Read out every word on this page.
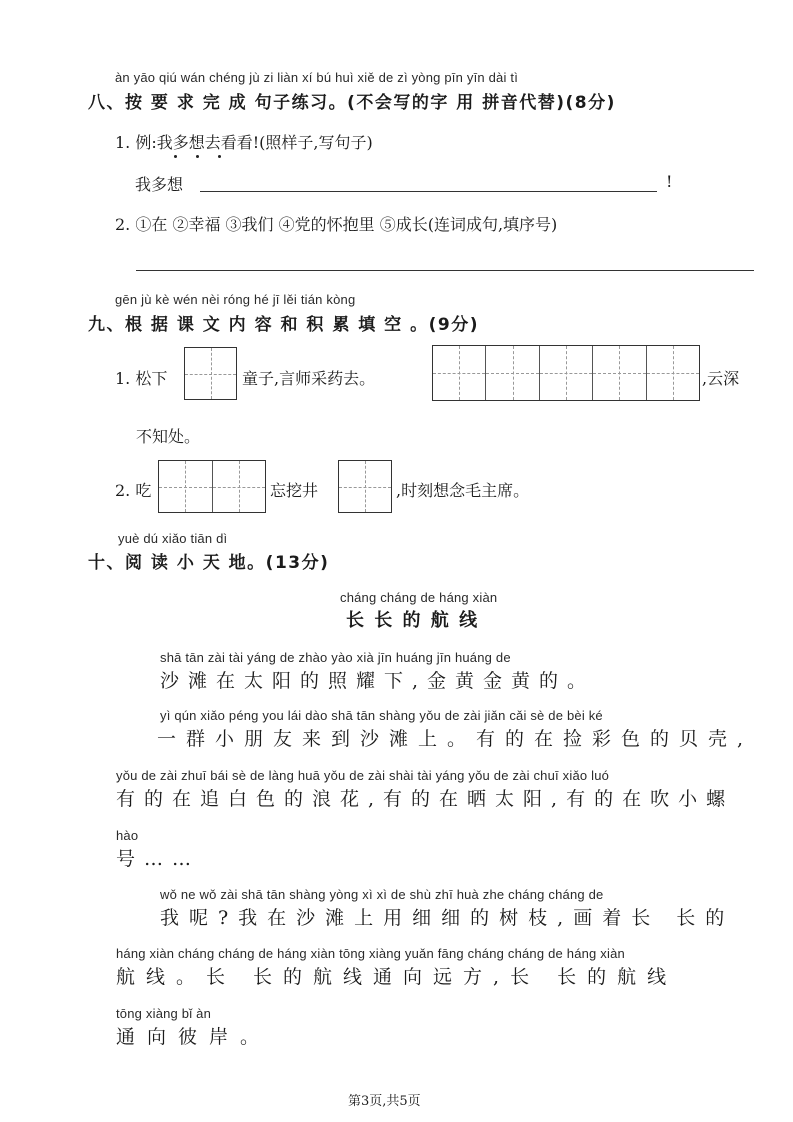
àn yāo qiú wán chéng jù zi liàn xí bú huì xiě de zì yòng pīn yīn dài tì
八、按 要 求 完 成 句子练习。(不会写的字 用 拼音代替)(8分)
1. 例:我多想去看看!(照样子,写句子)
我多想	!
2. ①在 ②幸福 ③我们 ④党的怀抱里 ⑤成长(连词成句,填序号)
gēn jù kè wén nèi róng hé jī lěi tián kòng
九、根 据 课 文 内 容 和 积 累 填 空 。(9分)
1. 松下	童子,言师采药去。	,云深
不知处。
2. 吃	忘挖井	,时刻想念毛主席。
yuè dú xiǎo tiān dì
十、阅 读 小 天 地。(13分)
cháng cháng de háng xiàn
长 长 的 航 线
shā tān zài tài yáng de zhào yào xià jīn huáng jīn huáng de
沙滩在太阳的照耀下,金黄金黄的。
yì qún xiǎo péng you lái dào shā tān shàng yǒu de zài jiǎn cǎi sè de bèi ké
一群小朋友来到沙滩上。有的在捡彩色的贝壳,
yǒu de zài zhuī bái sè de làng huā yǒu de zài shài tài yáng yǒu de zài chuī xiǎo luó
有的在追白色的浪花,有的在晒太阳,有的在吹小螺
hào
号……
wǒ ne wǒ zài shā tān shàng yòng xì xì de shù zhī huà zhe cháng cháng de
我呢?我在沙滩上用细细的树枝,画着长 长的
háng xiàn cháng cháng de háng xiàn tōng xiàng yuǎn fāng cháng cháng de háng xiàn
航线。长 长的航线通向远方,长 长的航线
tōng xiàng bǐ àn
通向彼岸。
第3页,共5页
